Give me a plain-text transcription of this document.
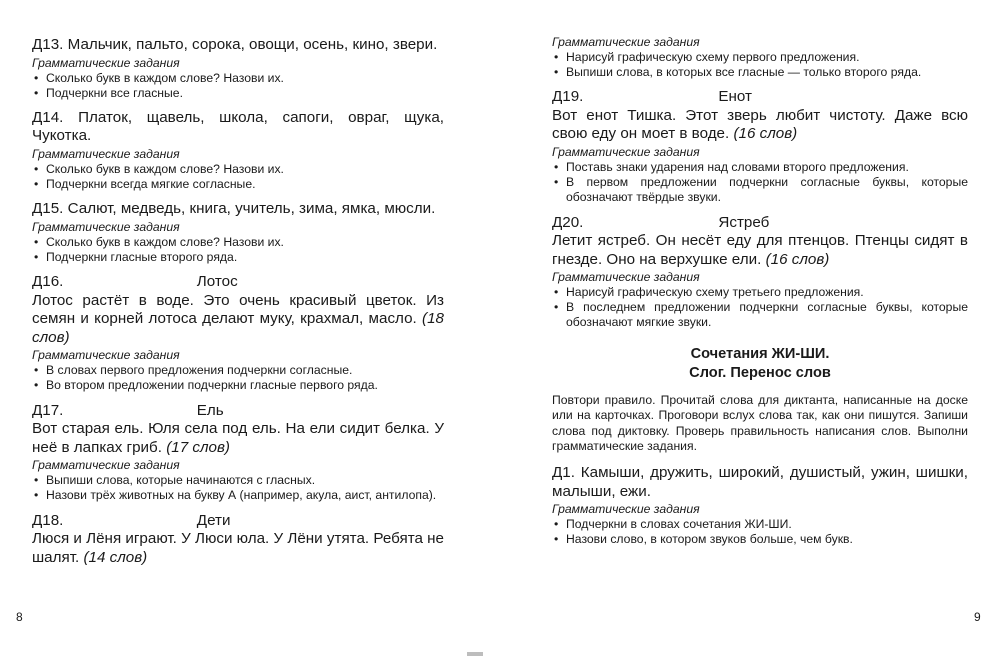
Д13. Мальчик, пальто, сорока, овощи, осень, кино, звери.

Грамматические задания

• Сколько букв в каждом слове? Назови их.
• Подчеркни все гласные.

Д14. Платок, щавель, школа, сапоги, овраг, щука, Чукотка.

Грамматические задания

• Сколько букв в каждом слове? Назови их.
• Подчеркни всегда мягкие согласные.

Д15. Салют, медведь, книга, учитель, зима, ямка, мюсли.

Грамматические задания

• Сколько букв в каждом слове? Назови их.
• Подчеркни гласные второго ряда.
Д16.	Лотос

Лотос растёт в воде. Это очень красивый цветок. Из семян и корней лотоса делают муку, крахмал, масло. (18 слов)

Грамматические задания

• В словах первого предложения подчеркни согласные.
• Во втором предложении подчеркни гласные первого ряда.
Д17.	Ель

Вот старая ель. Юля села под ель. На ели сидит белка. У неё в лапках гриб. (17 слов)

Грамматические задания

• Выпиши слова, которые начинаются с гласных.
• Назови трёх животных на букву А (например, акула, аист, антилопа).
Д18.	Дети

Люся и Лёня играют. У Люси юла. У Лёни утята. Ребята не шалят. (14 слов)

8

Грамматические задания

• Нарисуй графическую схему первого предложения.
• Выпиши слова, в которых все гласные — только второго ряда.
Д19.	Енот

Вот енот Тишка. Этот зверь любит чистоту. Даже всю свою еду он моет в воде. (16 слов)

Грамматические задания

• Поставь знаки ударения над словами второго предложения.
• В первом предложении подчеркни согласные буквы, которые обозначают твёрдые звуки.
Д20.	Ястреб

Летит ястреб. Он несёт еду для птенцов. Птенцы сидят в гнезде. Оно на верхушке ели. (16 слов)

Грамматические задания

• Нарисуй графическую схему третьего предложения.
• В последнем предложении подчеркни согласные буквы, которые обозначают мягкие звуки.

Сочетания ЖИ-ШИ.

Слог. Перенос слов

Повтори правило. Прочитай слова для диктанта, написанные на доске или на карточках. Проговори вслух слова так, как они пишутся. Запиши слова под диктовку. Проверь правильность написания слов. Выполни грамматические задания.

Д1. Камыши, дружить, широкий, душистый, ужин, шишки, малыши, ежи.

Грамматические задания

• Подчеркни в словах сочетания ЖИ-ШИ.
• Назови слово, в котором звуков больше, чем букв.
9
